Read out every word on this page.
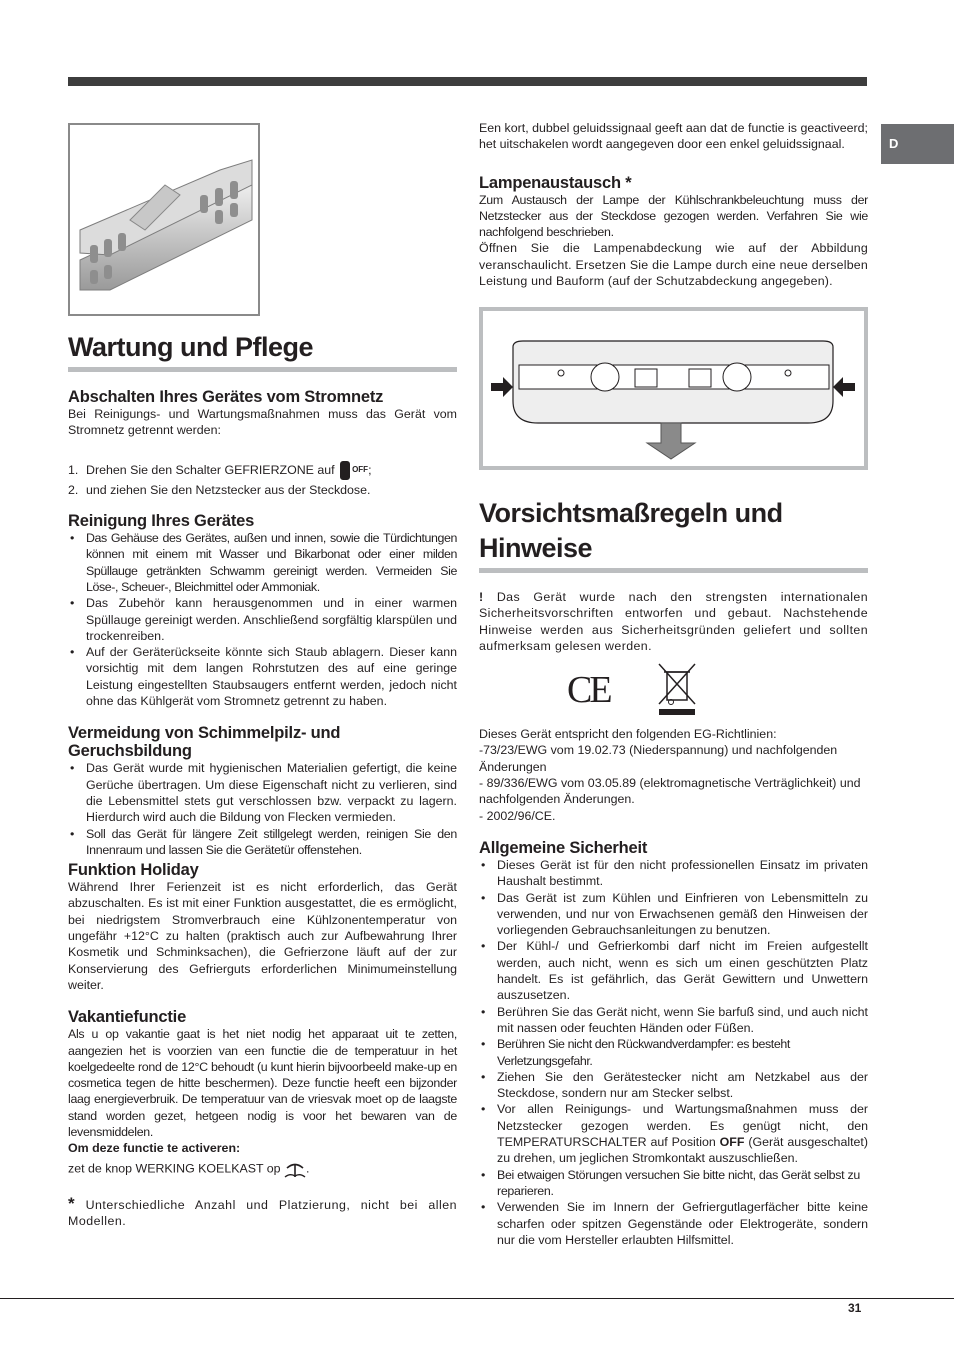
D
Wartung und Pflege
Abschalten Ihres Gerätes vom Stromnetz

Bei Reinigungs- und Wartungsmaßnahmen muss das Gerät vom Stromnetz getrennt werden:

1. Drehen Sie den Schalter GEFRIERZONE auf $^{OFF}$;
2. und ziehen Sie den Netzstecker aus der Steckdose.
Reinigung Ihres Gerätes
• Das Gehäuse des Gerätes, außen und innen, sowie die Türdichtungen können mit einem mit Wasser und Bikarbonat oder einer milden Spüllauge getränkten Schwamm gereinigt werden. Vermeiden Sie Löse-, Scheuer-, Bleichmittel oder Ammoniak.
• Das Zubehör kann herausgenommen und in einer warmen Spüllauge gereinigt werden. Anschließend sorgfältig klarspülen und trockenreiben.
• Auf der Geräterückseite könnte sich Staub ablagern. Dieser kann vorsichtig mit dem langen Rohrstutzen des auf eine geringe Leistung eingestellten Staubsaugers entfernt werden, jedoch nicht ohne das Kühlgerät vom Stromnetz getrennt zu haben.
Vermeidung von Schimmelpilz- und Geruchsbildung
• Das Gerät wurde mit hygienischen Materialien gefertigt, die keine Gerüche übertragen. Um diese Eigenschaft nicht zu verlieren, sind die Lebensmittel stets gut verschlossen bzw. verpackt zu lagern. Hierdurch wird auch die Bildung von Flecken vermieden.
• Soll das Gerät für längere Zeit stillgelegt werden, reinigen Sie den Innenraum und lassen Sie die Gerätetür offenstehen.
Funktion Holiday

Während Ihrer Ferienzeit ist es nicht erforderlich, das Gerät abzuschalten. Es ist mit einer Funktion ausgestattet, die es ermöglicht, bei niedrigstem Stromverbrauch eine Kühlzonentemperatur von ungefähr +12°C zu halten (praktisch auch zur Aufbewahrung Ihrer Kosmetik und Schminksachen), die Gefrierzone läuft auf der zur Konservierung des Gefrierguts erforderlichen Minimumeinstellung weiter.

Vakantiefunctie

Als u op vakantie gaat is het niet nodig het apparaat uit te zetten, aangezien het is voorzien van een functie die de temperatuur in het koelgedeelte rond de 12°C behoudt (u kunt hierin bijvoorbeeld make-up en cosmetica tegen de hitte beschermen). Deze functie heeft een bijzonder laag energieverbruik. De temperatuur van de vriesvak moet op de laagste stand worden gezet, hetgeen nodig is voor het bewaren van de levensmiddelen.

Om deze functie te activeren:

zet de knop WERKING KOELKAST op .

* Unterschiedliche Anzahl und Platzierung, nicht bei allen Modellen.

Een kort, dubbel geluidssignaal geeft aan dat de functie is geactiveerd; het uitschakelen wordt aangegeven door een enkel geluidssignaal.

Lampenaustausch *

Zum Austausch der Lampe der Kühlschrankbeleuchtung muss der Netzstecker aus der Steckdose gezogen werden. Verfahren Sie wie nachfolgend beschrieben.

Öffnen Sie die Lampenabdeckung wie auf der Abbildung veranschaulicht. Ersetzen Sie die Lampe durch eine neue derselben Leistung und Bauform (auf der Schutzabdeckung angegeben).

Vorsichtsmaßregeln und Hinweise

! Das Gerät wurde nach den strengsten internationalen Sicherheitsvorschriften entworfen und gebaut. Nachstehende Hinweise werden aus Sicherheitsgründen geliefert und sollten aufmerksam gelesen werden.

CE

Dieses Gerät entspricht den folgenden EG-Richtlinien:

-73/23/EWG vom 19.02.73 (Niederspannung) und nachfolgenden Änderungen

- 89/336/EWG vom 03.05.89 (elektromagnetische Verträglichkeit) und nachfolgenden Änderungen.

- 2002/96/CE.

Allgemeine Sicherheit
• Dieses Gerät ist für den nicht professionellen Einsatz im privaten Haushalt bestimmt.
• Das Gerät ist zum Kühlen und Einfrieren von Lebensmitteln zu verwenden, und nur von Erwachsenen gemäß den Hinweisen der vorliegenden Gebrauchsanleitungen zu benutzen.
• Der Kühl-/ und Gefrierkombi darf nicht im Freien aufgestellt werden, auch nicht, wenn es sich um einen geschützten Platz handelt. Es ist gefährlich, das Gerät Gewittern und Unwettern auszusetzen.
• Berühren Sie das Gerät nicht, wenn Sie barfuß sind, und auch nicht mit nassen oder feuchten Händen oder Füßen.
• Berühren Sie nicht den Rückwandverdampfer: es besteht Verletzungsgefahr.
• Ziehen Sie den Gerätestecker nicht am Netzkabel aus der Steckdose, sondern nur am Stecker selbst.
• Vor allen Reinigungs- und Wartungsmaßnahmen muss der Netzstecker gezogen werden. Es genügt nicht, den TEMPERATURSCHALTER auf Position OFF (Gerät ausgeschaltet) zu drehen, um jeglichen Stromkontakt auszuschließen.
• Bei etwaigen Störungen versuchen Sie bitte nicht, das Gerät selbst zu reparieren.
• Verwenden Sie im Innern der Gefriergutlagerfächer bitte keine scharfen oder spitzen Gegenstände oder Elektrogeräte, sondern nur die vom Hersteller erlaubten Hilfsmittel.
31
